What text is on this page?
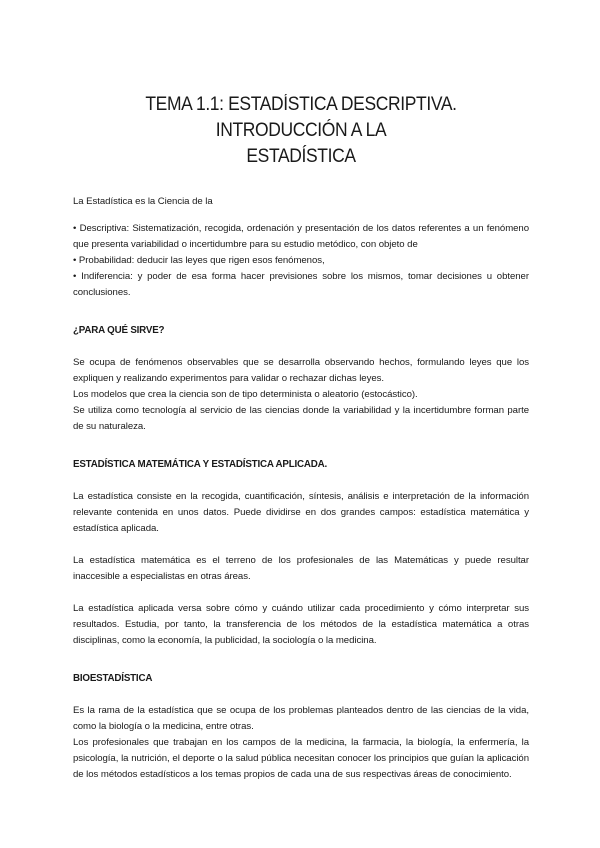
TEMA 1.1: ESTADÍSTICA DESCRIPTIVA. INTRODUCCIÓN A LA
ESTADÍSTICA

La Estadística es la Ciencia de la

• Descriptiva: Sistematización, recogida, ordenación y presentación de los datos referentes a un fenómeno que presenta variabilidad o incertidumbre para su estudio metódico, con objeto de

• Probabilidad: deducir las leyes que rigen esos fenómenos,

• Indiferencia: y poder de esa forma hacer previsiones sobre los mismos, tomar decisiones u obtener conclusiones.

¿PARA QUÉ SIRVE?

Se ocupa de fenómenos observables que se desarrolla observando hechos, formulando leyes que los expliquen y realizando experimentos para validar o rechazar dichas leyes.

Los modelos que crea la ciencia son de tipo determinista o aleatorio (estocástico).

Se utiliza como tecnología al servicio de las ciencias donde la variabilidad y la incertidumbre forman parte de su naturaleza.

ESTADÍSTICA MATEMÁTICA Y ESTADÍSTICA APLICADA.

La estadística consiste en la recogida, cuantificación, síntesis, análisis e interpretación de la información relevante contenida en unos datos. Puede dividirse en dos grandes campos: estadística matemática y estadística aplicada.

La estadística matemática es el terreno de los profesionales de las Matemáticas y puede resultar inaccesible a especialistas en otras áreas.

La estadística aplicada versa sobre cómo y cuándo utilizar cada procedimiento y cómo interpretar sus resultados. Estudia, por tanto, la transferencia de los métodos de la estadística matemática a otras disciplinas, como la economía, la publicidad, la sociología o la medicina.

BIOESTADÍSTICA

Es la rama de la estadística que se ocupa de los problemas planteados dentro de las ciencias de la vida, como la biología o la medicina, entre otras.

Los profesionales que trabajan en los campos de la medicina, la farmacia, la biología, la enfermería, la psicología, la nutrición, el deporte o la salud pública necesitan conocer los principios que guían la aplicación de los métodos estadísticos a los temas propios de cada una de sus respectivas áreas de conocimiento.
